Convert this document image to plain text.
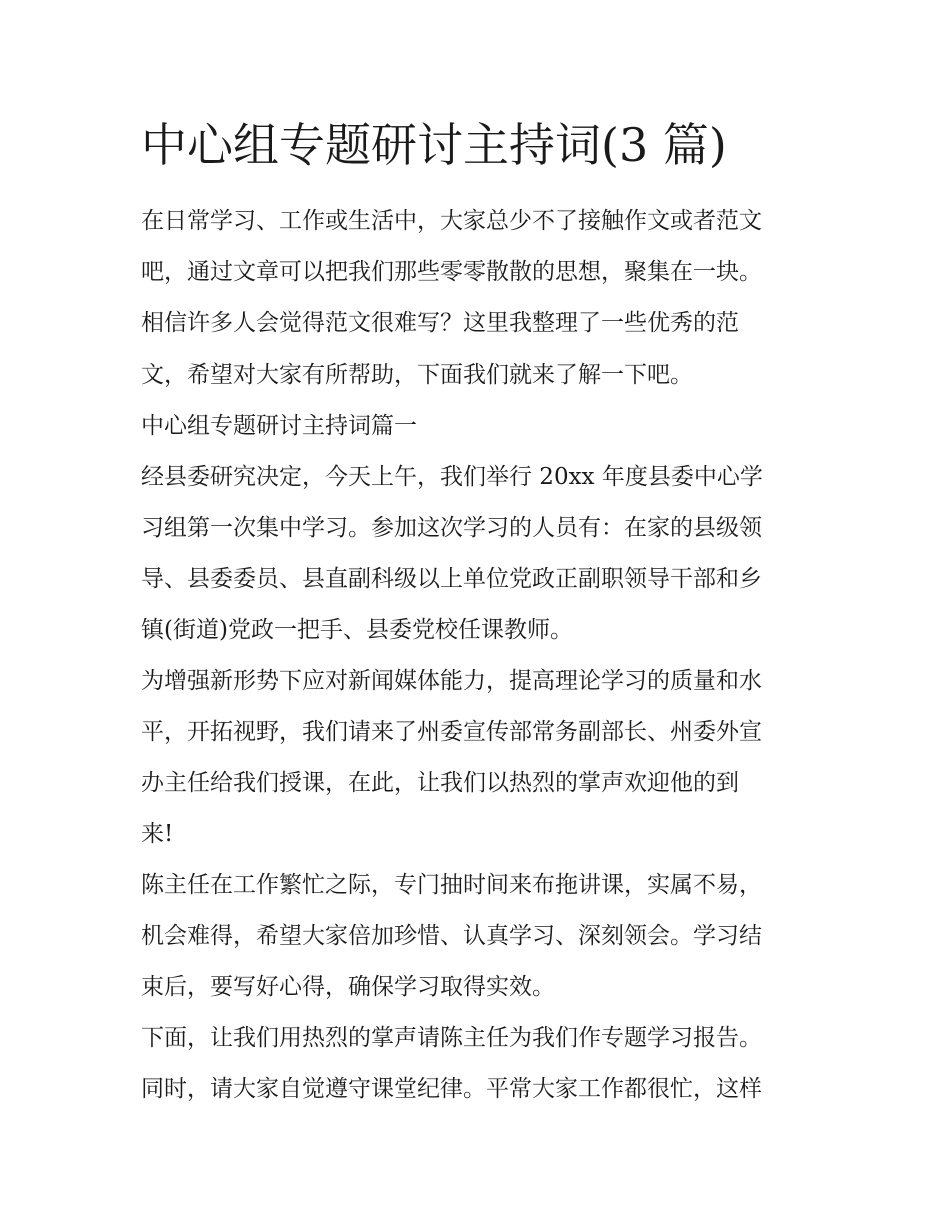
中心组专题研讨主持词(3 篇)

在日常学习、工作或生活中，大家总少不了接触作文或者范文

吧，通过文章可以把我们那些零零散散的思想，聚集在一块。

相信许多人会觉得范文很难写？这里我整理了一些优秀的范

文，希望对大家有所帮助，下面我们就来了解一下吧。

中心组专题研讨主持词篇一

经县委研究决定，今天上午，我们举行 20xx 年度县委中心学

习组第一次集中学习。参加这次学习的人员有：在家的县级领

导、县委委员、县直副科级以上单位党政正副职领导干部和乡

镇(街道)党政一把手、县委党校任课教师。

为增强新形势下应对新闻媒体能力，提高理论学习的质量和水

平，开拓视野，我们请来了州委宣传部常务副部长、州委外宣

办主任给我们授课，在此，让我们以热烈的掌声欢迎他的到

来!

陈主任在工作繁忙之际，专门抽时间来布拖讲课，实属不易，

机会难得，希望大家倍加珍惜、认真学习、深刻领会。学习结

束后，要写好心得，确保学习取得实效。

下面，让我们用热烈的掌声请陈主任为我们作专题学习报告。

同时，请大家自觉遵守课堂纪律。平常大家工作都很忙，这样
